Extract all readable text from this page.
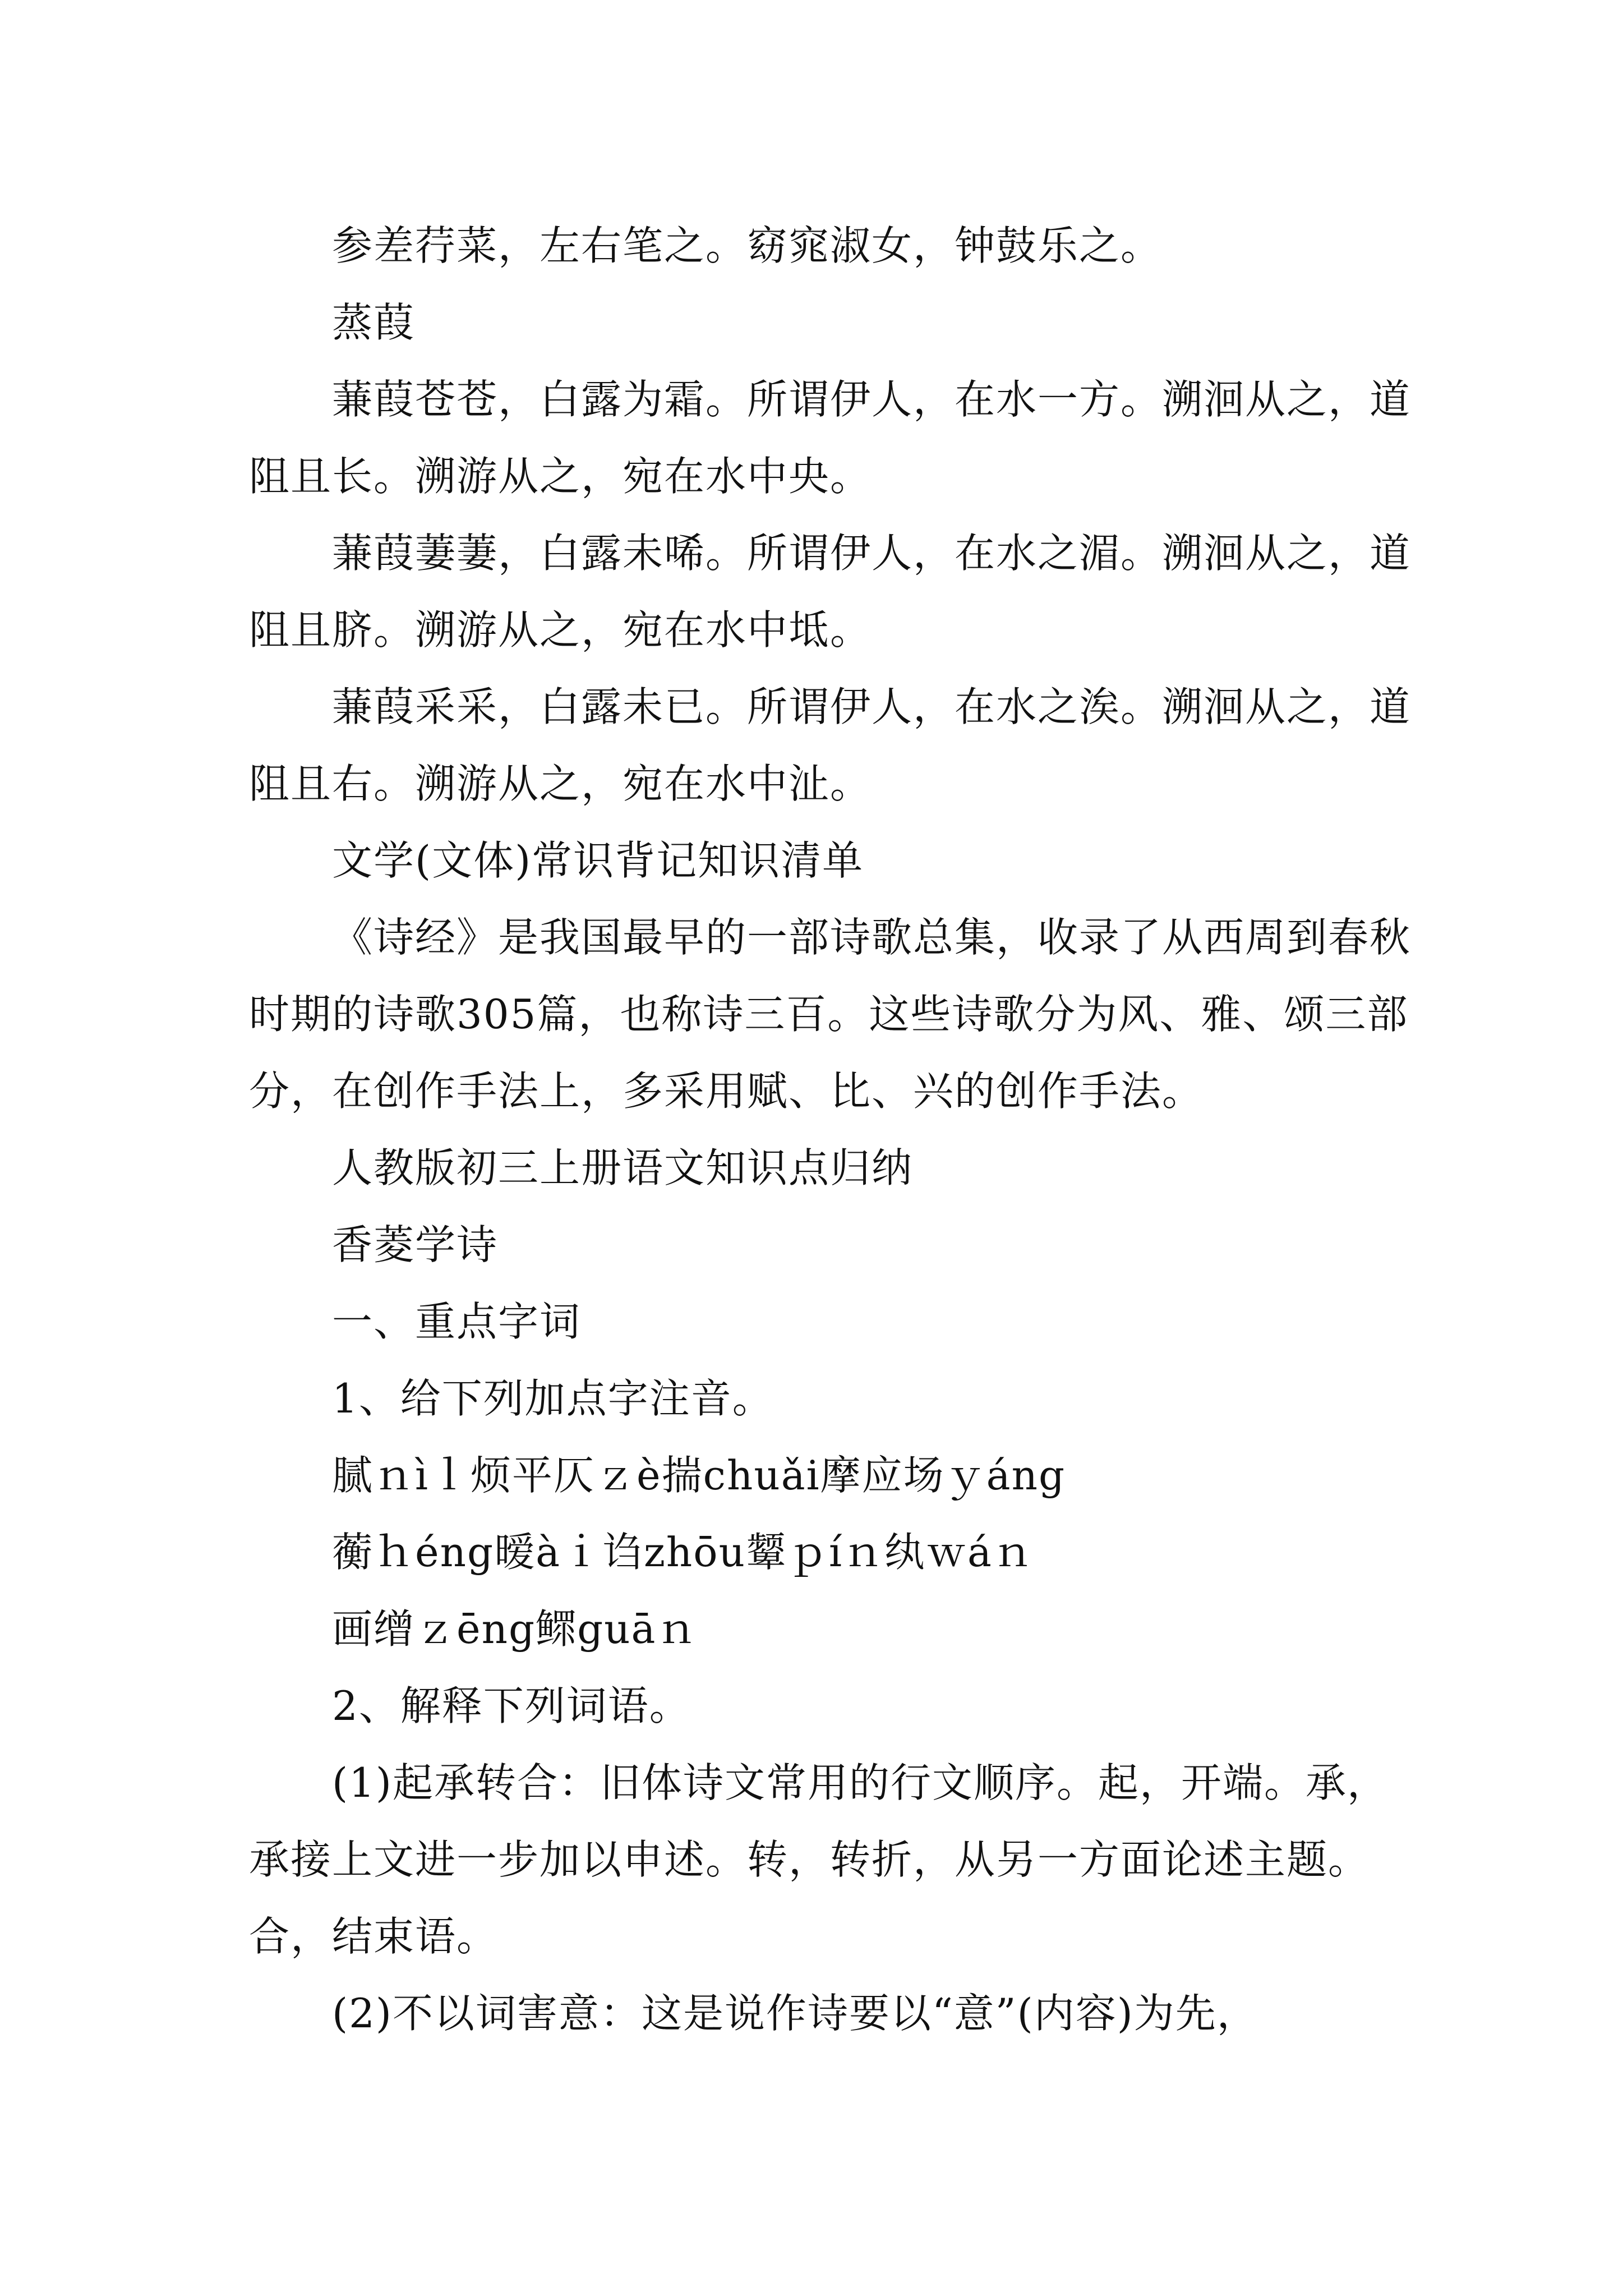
参差荇菜，左右笔之。窈窕淑女，钟鼓乐之。

蒸葭

蒹葭苍苍，白露为霜。所谓伊人，在水一方。溯洄从之，道阻且长。溯游从之，宛在水中央。

蒹葭萋萋，白露未唏。所谓伊人，在水之湄。溯洄从之，道阻且脐。溯游从之，宛在水中坻。

蒹葭采采，白露未已。所谓伊人，在水之涘。溯洄从之，道阻且右。溯游从之，宛在水中沚。

文学(文体)常识背记知识清单

《诗经》是我国最早的一部诗歌总集，收录了从西周到春秋时期的诗歌305篇，也称诗三百。这些诗歌分为风、雅、颂三部分，在创作手法上，多采用赋、比、兴的创作手法。

人教版初三上册语文知识点归纳

香菱学诗

一、重点字词

1、给下列加点字注音。

腻ｎìｌ烦平仄ｚè揣chuǎi摩应场ｙáng

蘅ｈéng暧àｉ诌zhōu颦ｐíｎ纨ｗáｎ

画缯ｚēng鳏guāｎ

2、解释下列词语。

(1)起承转合：旧体诗文常用的行文顺序。起，开端。承，承接上文进一步加以申述。转，转折，从另一方面论述主题。合，结束语。

(2)不以词害意：这是说作诗要以“意”(内容)为先，
